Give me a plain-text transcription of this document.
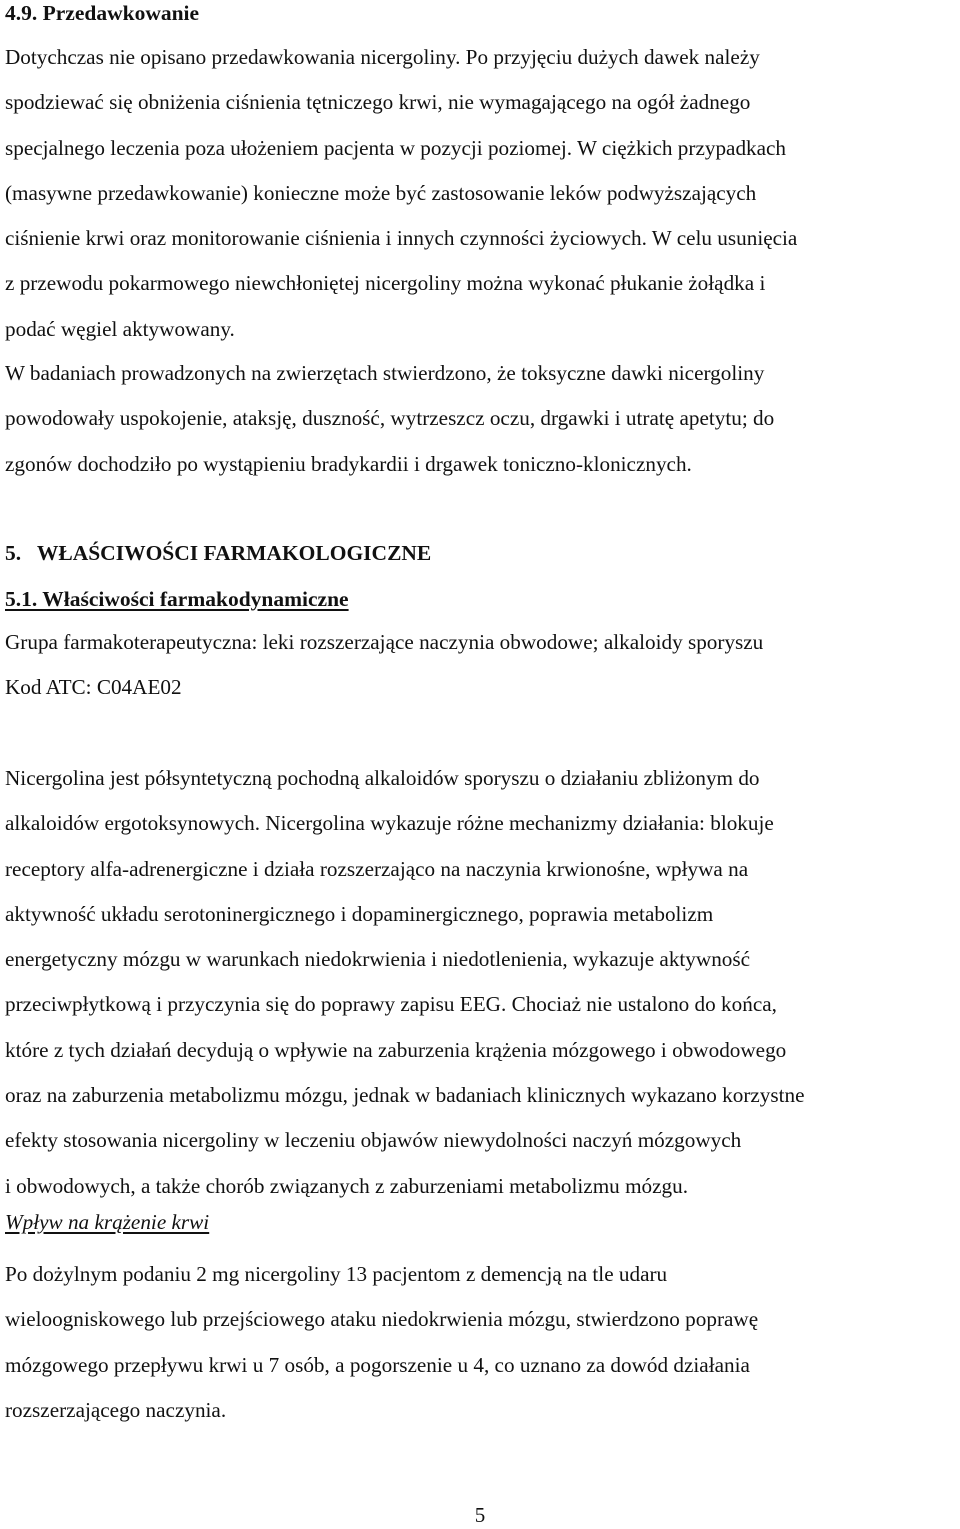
4.9. Przedawkowanie

Dotychczas nie opisano przedawkowania nicergoliny. Po przyjęciu dużych dawek należy

spodziewać się obniżenia ciśnienia tętniczego krwi, nie wymagającego na ogół żadnego

specjalnego leczenia poza ułożeniem pacjenta w pozycji poziomej. W ciężkich przypadkach

(masywne przedawkowanie) konieczne może być zastosowanie leków podwyższających

ciśnienie krwi oraz monitorowanie ciśnienia i innych czynności życiowych. W celu usunięcia

z przewodu pokarmowego niewchłoniętej nicergoliny można wykonać płukanie żołądka i

podać węgiel aktywowany.

W badaniach prowadzonych na zwierzętach stwierdzono, że toksyczne dawki nicergoliny

powodowały uspokojenie, ataksję, duszność, wytrzeszcz oczu, drgawki i utratę apetytu; do

zgonów dochodziło po wystąpieniu bradykardii i drgawek toniczno-klonicznych.

5.   WŁAŚCIWOŚCI FARMAKOLOGICZNE
5.1. Właściwości farmakodynamiczne

Grupa farmakoterapeutyczna: leki rozszerzające naczynia obwodowe; alkaloidy sporyszu

Kod ATC: C04AE02

Nicergolina jest półsyntetyczną pochodną alkaloidów sporyszu o działaniu zbliżonym do

alkaloidów ergotoksynowych. Nicergolina wykazuje różne mechanizmy działania: blokuje

receptory alfa-adrenergiczne i działa rozszerzająco na naczynia krwionośne, wpływa na

aktywność układu serotoninergicznego i dopaminergicznego, poprawia metabolizm

energetyczny mózgu w warunkach niedokrwienia i niedotlenienia, wykazuje aktywność

przeciwpłytkową i przyczynia się do poprawy zapisu EEG. Chociaż nie ustalono do końca,

które z tych działań decydują o wpływie na zaburzenia krążenia mózgowego i obwodowego

oraz na zaburzenia metabolizmu mózgu, jednak w badaniach klinicznych wykazano korzystne

efekty stosowania nicergoliny w leczeniu objawów niewydolności naczyń mózgowych

i obwodowych, a także chorób związanych z zaburzeniami metabolizmu mózgu.

Wpływ na krążenie krwi

Po dożylnym podaniu 2 mg nicergoliny 13 pacjentom z demencją na tle udaru

wieloogniskowego lub przejściowego ataku niedokrwienia mózgu, stwierdzono poprawę

mózgowego przepływu krwi u 7 osób, a pogorszenie u 4, co uznano za dowód działania

rozszerzającego naczynia.

5
